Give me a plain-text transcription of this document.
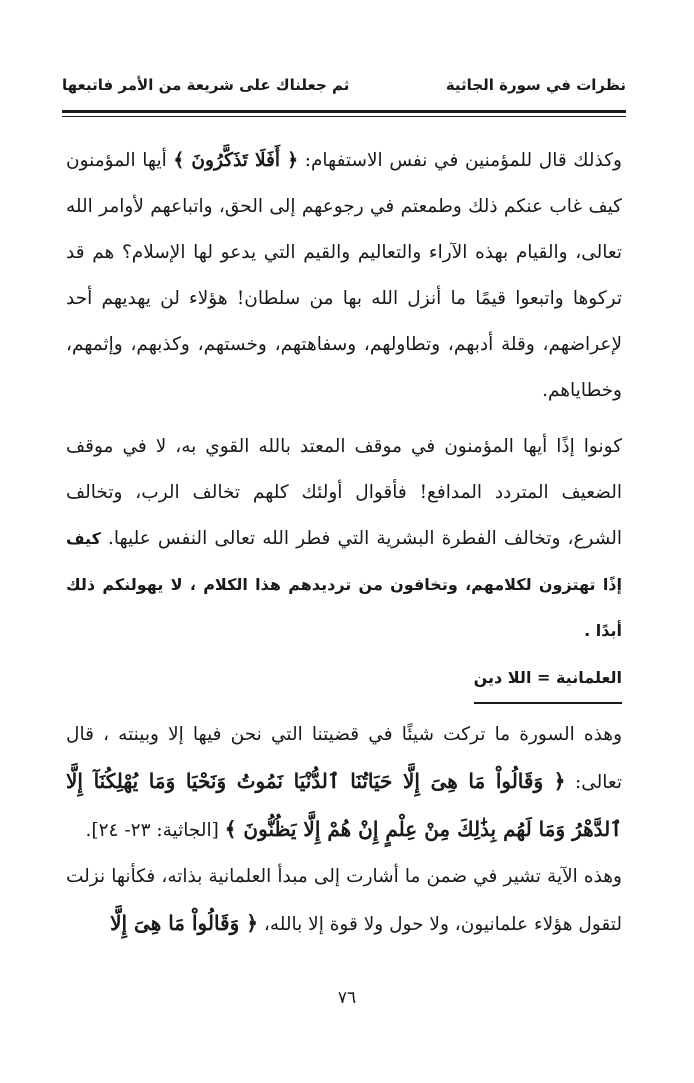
نظرات في سورة الجاثية
ثم جعلناك على شريعة من الأمر فاتبعها

وكذلك قال للمؤمنين في نفس الاستفهام: ﴿ أَفَلَا تَذَكَّرُونَ ﴾ أيها المؤمنون كيف غاب عنكم ذلك وطمعتم في رجوعهم إلى الحق، واتباعهم لأوامر الله تعالى، والقيام بهذه الآراء والتعاليم والقيم التي يدعو لها الإسلام؟ هم قد تركوها واتبعوا قيمًا ما أنزل الله بها من سلطان! هؤلاء لن يهديهم أحد لإعراضهم، وقلة أدبهم، وتطاولهم، وسفاهتهم، وخستهم، وكذبهم، وإثمهم، وخطاياهم.

كونوا إذًا أيها المؤمنون في موقف المعتد بالله القوي به، لا في موقف الضعيف المتردد المدافع! فأقوال أولئك كلهم تخالف الرب، وتخالف الشرع، وتخالف الفطرة البشرية التي فطر الله تعالى النفس عليها. كيف إذًا تهتزون لكلامهم، وتخافون من ترديدهم هذا الكلام ، لا يهولنكم ذلك أبدًا .

العلمانية = اللا دين

وهذه السورة ما تركت شيئًا في قضيتنا التي نحن فيها إلا وبينته ، قال تعالى: ﴿ وَقَالُواْ مَا هِىَ إِلَّا حَيَاتُنَا ٱلدُّنْيَا نَمُوتُ وَنَحْيَا وَمَا يُهْلِكُنَآ إِلَّا ٱلدَّهْرُ وَمَا لَهُم بِذَٰلِكَ مِنْ عِلْمٍ إِنْ هُمْ إِلَّا يَظُنُّونَ ﴾ [الجاثية: ٢٣- ٢٤].

وهذه الآية تشير في ضمن ما أشارت إلى مبدأ العلمانية بذاته، فكأنها نزلت لتقول هؤلاء علمانيون، ولا حول ولا قوة إلا بالله، ﴿ وَقَالُواْ مَا هِىَ إِلَّا

٧٦
